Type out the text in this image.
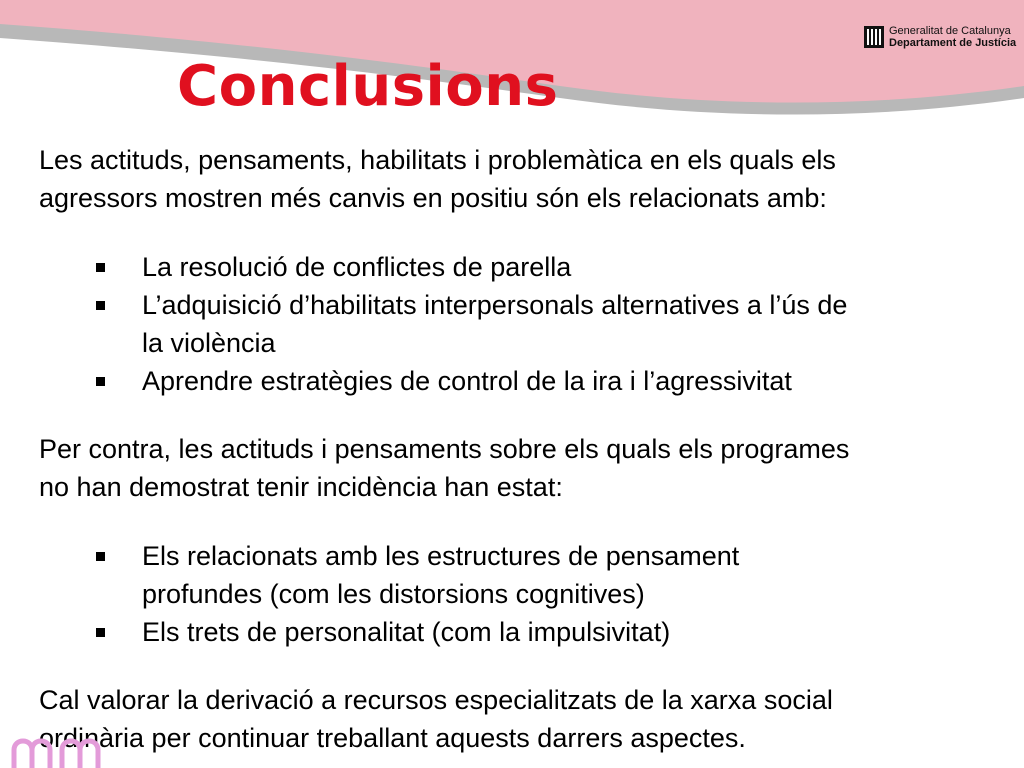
Generalitat de Catalunya
Departament de Justícia
Conclusions

Les actituds, pensaments, habilitats i problemàtica en els quals els
agressors mostren més canvis en positiu són els relacionats amb:

La resolució de conflictes de parella
L’adquisició d’habilitats interpersonals alternatives a l’ús de
la violència
Aprendre estratègies de control de la ira i l’agressivitat

Per contra, les actituds i pensaments sobre els quals els programes
no han demostrat tenir incidència han estat:

Els relacionats amb les estructures de pensament
profundes (com les distorsions cognitives)
Els trets de personalitat (com la impulsivitat)

Cal valorar la derivació a recursos especialitzats de la xarxa social
ordinària per continuar treballant aquests darrers aspectes.
